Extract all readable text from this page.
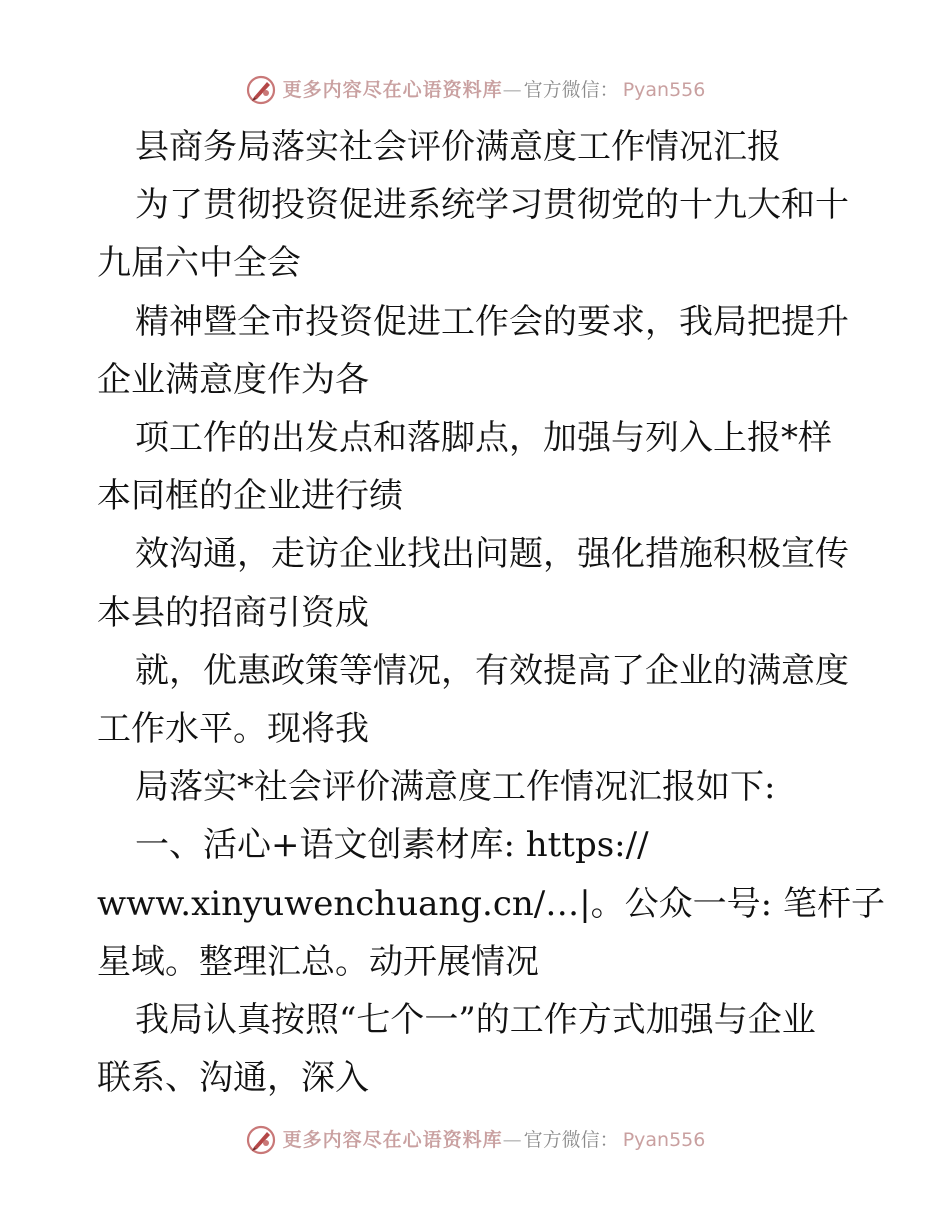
更多内容尽在心语资料库 — 官方微信： Pyan556

县商务局落实社会评价满意度工作情况汇报

为了贯彻投资促进系统学习贯彻党的十九大和十

九届六中全会

精神暨全市投资促进工作会的要求，我局把提升

企业满意度作为各

项工作的出发点和落脚点，加强与列入上报*样

本同框的企业进行绩

效沟通，走访企业找出问题，强化措施积极宣传

本县的招商引资成

就，优惠政策等情况，有效提高了企业的满意度

工作水平。现将我

局落实*社会评价满意度工作情况汇报如下:

一、活心+语文创素材库: https://

www.xinyuwenchuang.cn/…|。公众一号: 笔杆子

星域。整理汇总。动开展情况

我局认真按照“七个一”的工作方式加强与企业

联系、沟通，深入

更多内容尽在心语资料库 — 官方微信： Pyan556
